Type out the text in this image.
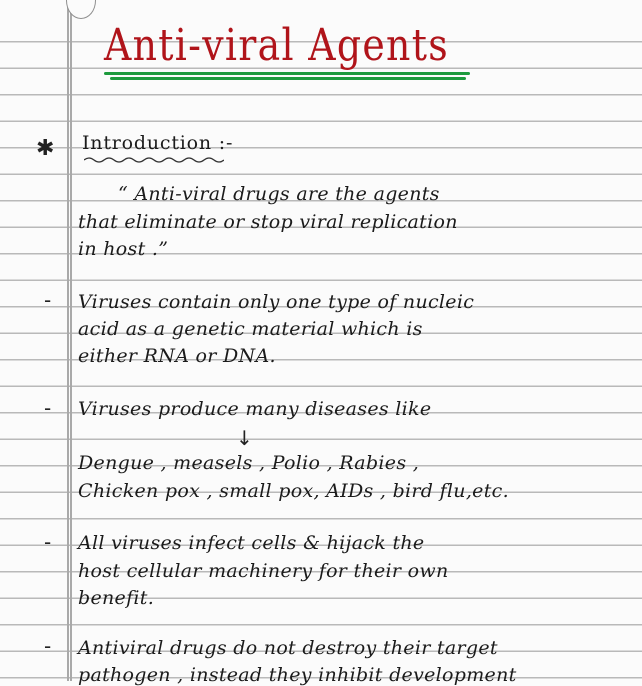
Anti-viral Agents
✱ Introduction :-
“ Anti-viral drugs are the agents
that eliminate or stop viral replication
in host .”
- Viruses contain only one type of nucleic
acid as a genetic material which is
either RNA or DNA.
- Viruses produce many diseases like
↓
Dengue , measels , Polio , Rabies ,
Chicken pox , small pox, AIDs , bird flu,etc.
- All viruses infect cells & hijack the
host cellular machinery for their own
benefit.
- Antiviral drugs do not destroy their target
pathogen , instead they inhibit development
